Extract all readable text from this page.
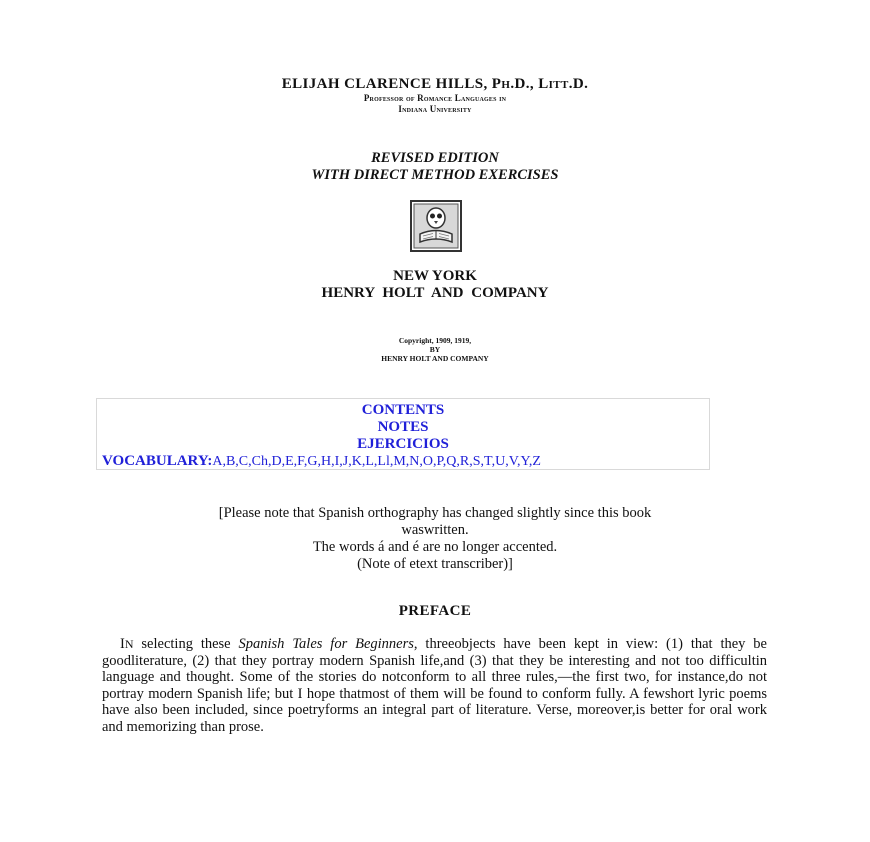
ELIJAH CLARENCE HILLS, PH.D., LITT.D.
Professor of Romance Languages in
Indiana University
REVISED EDITION
WITH DIRECT METHOD EXERCISES
NEW YORK
HENRY HOLT AND COMPANY
Copyright, 1909, 1919,
BY
HENRY HOLT AND COMPANY
CONTENTS
NOTES
EJERCICIOS
VOCABULARY:A,B,C,Ch,D,E,F,G,H,I,J,K,L,Ll,M,N,O,P,Q,R,S,T,U,V,Y,Z
[Please note that Spanish orthography has changed slightly since this book
waswritten.
The words á and é are no longer accented.
(Note of etext transcriber)]
PREFACE
IN selecting these Spanish Tales for Beginners, threeobjects have been kept in view: (1) that they be goodliterature, (2) that they portray modern Spanish life,and (3) that they be interesting and not too difficultin language and thought. Some of the stories do notconform to all three rules,—the first two, for instance,do not portray modern Spanish life; but I hope thatmost of them will be found to conform fully. A fewshort lyric poems have also been included, since poetryforms an integral part of literature. Verse, moreover,is better for oral work and memorizing than prose.
